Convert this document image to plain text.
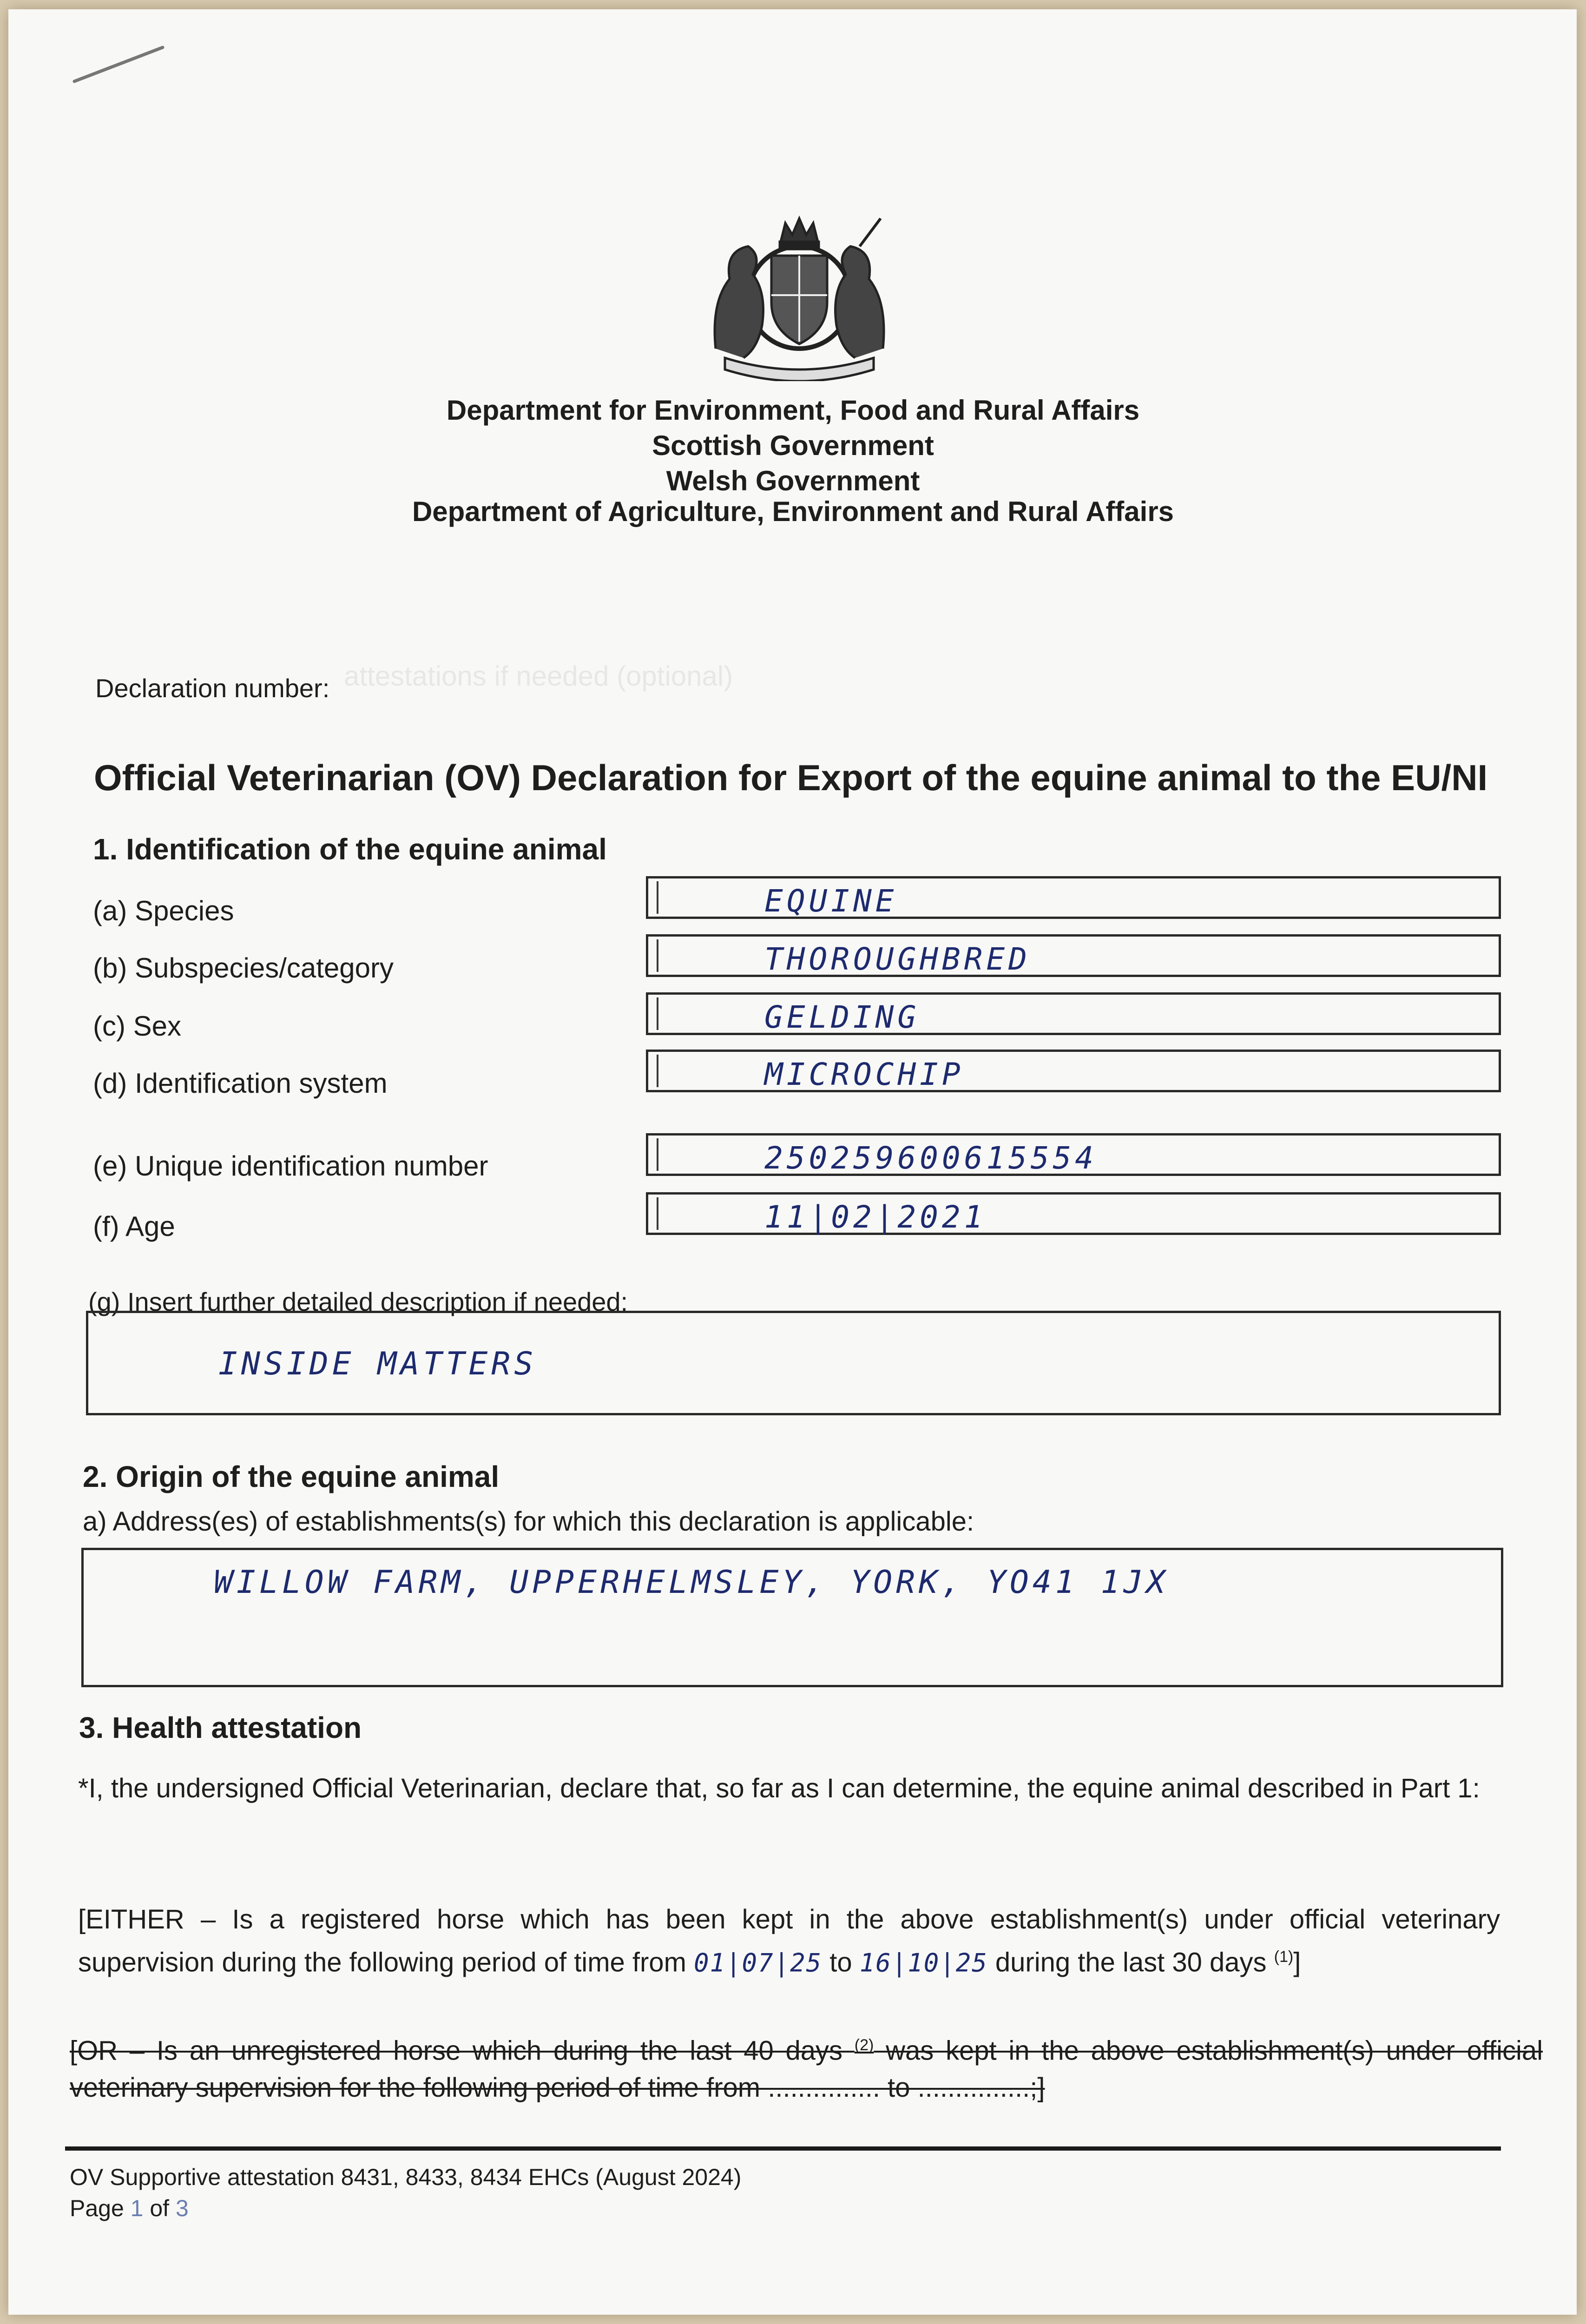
attestations if needed (optional)
Department for Environment, Food and Rural Affairs
Scottish Government
Welsh Government
Department of Agriculture, Environment and Rural Affairs
Declaration number:
Official Veterinarian (OV) Declaration for Export of the equine animal to the EU/NI
1. Identification of the equine animal
(a) Species	EQUINE
(b) Subspecies/category	THOROUGHBRED
(c) Sex	GELDING
(d) Identification system	MICROCHIP
(e) Unique identification number	250259600615554
(f) Age	11|02|2021
(g) Insert further detailed description if needed:
INSIDE MATTERS
2. Origin of the equine animal
a) Address(es) of establishments(s) for which this declaration is applicable:
WILLOW FARM, UPPERHELMSLEY, YORK, YO41 1JX
3. Health attestation
*I, the undersigned Official Veterinarian, declare that, so far as I can determine, the equine animal described in Part 1:
[EITHER – Is a registered horse which has been kept in the above establishment(s) under official veterinary supervision during the following period of time from 01|07|25 to 16|10|25 during the last 30 days $^{(1)}$]
[OR – Is an unregistered horse which during the last 40 days $^{(2)}$ was kept in the above establishment(s) under official veterinary supervision for the following period of time from ............... to ...............;]
OV Supportive attestation 8431, 8433, 8434 EHCs (August 2024)
Page 1 of 3
